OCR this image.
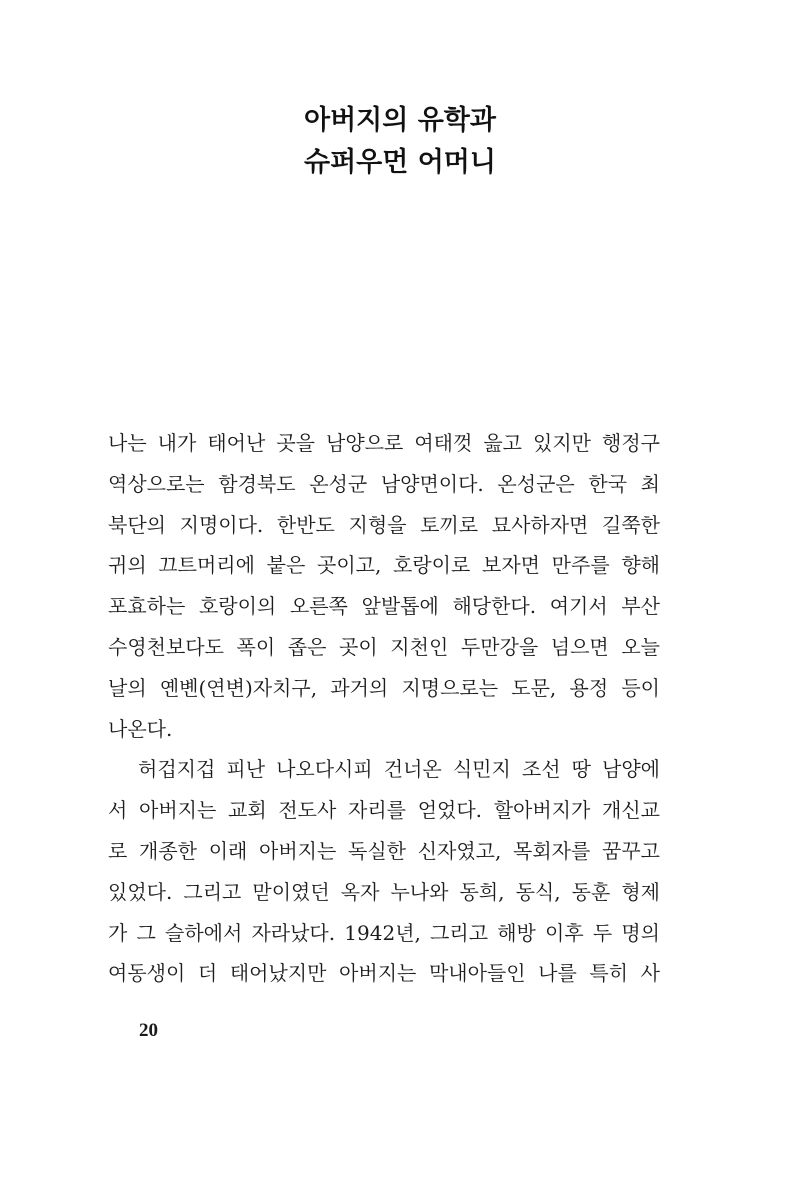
아버지의 유학과
슈퍼우먼 어머니

나는 내가 태어난 곳을 남양으로 여태껏 읊고 있지만 행정구
역상으로는 함경북도 온성군 남양면이다. 온성군은 한국 최
북단의 지명이다. 한반도 지형을 토끼로 묘사하자면 길쭉한
귀의 끄트머리에 붙은 곳이고, 호랑이로 보자면 만주를 향해
포효하는 호랑이의 오른쪽 앞발톱에 해당한다. 여기서 부산
수영천보다도 폭이 좁은 곳이 지천인 두만강을 넘으면 오늘
날의 옌볜(연변)자치구, 과거의 지명으로는 도문, 용정 등이
나온다.

허겁지겁 피난 나오다시피 건너온 식민지 조선 땅 남양에
서 아버지는 교회 전도사 자리를 얻었다. 할아버지가 개신교
로 개종한 이래 아버지는 독실한 신자였고, 목회자를 꿈꾸고
있었다. 그리고 맏이였던 옥자 누나와 동희, 동식, 동훈 형제
가 그 슬하에서 자라났다. 1942년, 그리고 해방 이후 두 명의
여동생이 더 태어났지만 아버지는 막내아들인 나를 특히 사

20
